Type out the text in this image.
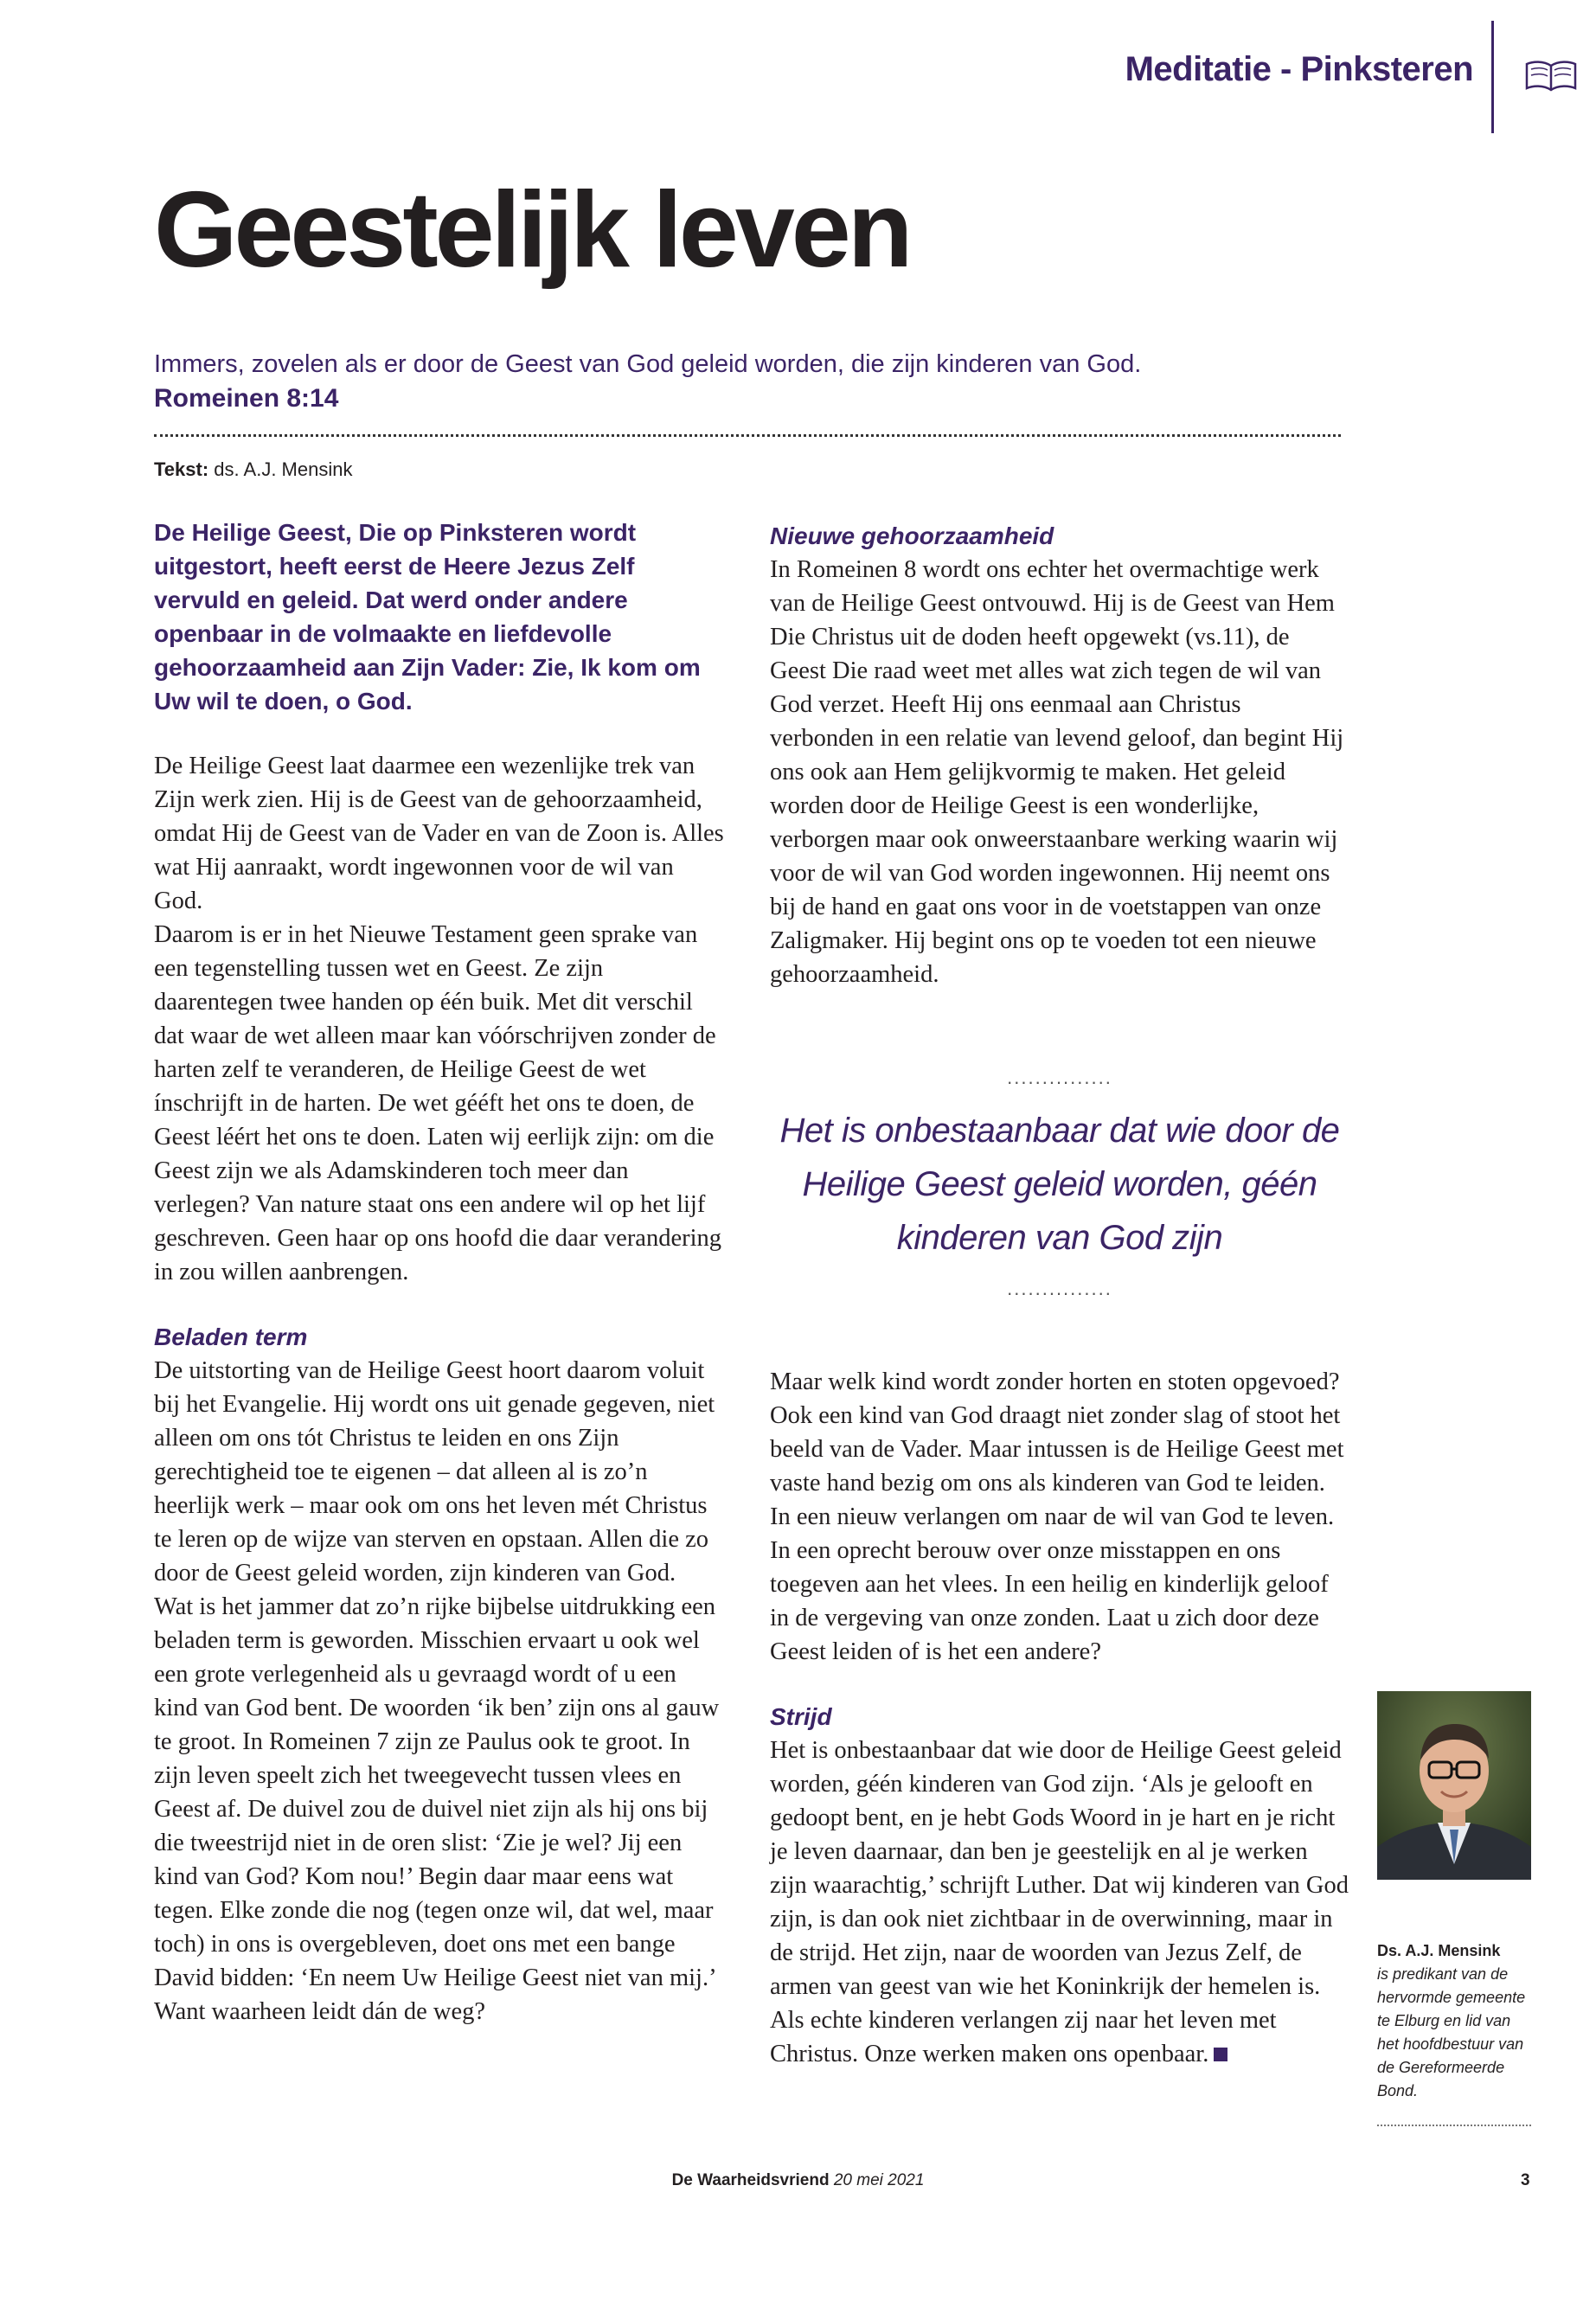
Meditatie - Pinksteren
Geestelijk leven
Immers, zovelen als er door de Geest van God geleid worden, die zijn kinderen van God.
Romeinen 8:14
Tekst: ds. A.J. Mensink

De Heilige Geest, Die op Pinksteren wordt uitgestort, heeft eerst de Heere Jezus Zelf vervuld en geleid. Dat werd onder andere openbaar in de volmaakte en liefdevolle gehoorzaamheid aan Zijn Vader: Zie, Ik kom om Uw wil te doen, o God.

De Heilige Geest laat daarmee een wezenlijke trek van Zijn werk zien. Hij is de Geest van de gehoorzaamheid, omdat Hij de Geest van de Vader en van de Zoon is. Alles wat Hij aanraakt, wordt ingewonnen voor de wil van God.

Daarom is er in het Nieuwe Testament geen sprake van een tegenstelling tussen wet en Geest. Ze zijn daarentegen twee handen op één buik. Met dit verschil dat waar de wet alleen maar kan vóórschrijven zonder de harten zelf te veranderen, de Heilige Geest de wet ínschrijft in de harten. De wet gééft het ons te doen, de Geest léért het ons te doen. Laten wij eerlijk zijn: om die Geest zijn we als Adamskinderen toch meer dan verlegen? Van nature staat ons een andere wil op het lijf geschreven. Geen haar op ons hoofd die daar verandering in zou willen aanbrengen.

Beladen term

De uitstorting van de Heilige Geest hoort daarom voluit bij het Evangelie. Hij wordt ons uit genade gegeven, niet alleen om ons tót Christus te leiden en ons Zijn gerechtigheid toe te eigenen – dat alleen al is zo’n heerlijk werk – maar ook om ons het leven mét Christus te leren op de wijze van sterven en opstaan. Allen die zo door de Geest geleid worden, zijn kinderen van God.

Wat is het jammer dat zo’n rijke bijbelse uitdrukking een beladen term is geworden. Misschien ervaart u ook wel een grote verlegenheid als u gevraagd wordt of u een kind van God bent. De woorden ‘ik ben’ zijn ons al gauw te groot. In Romeinen 7 zijn ze Paulus ook te groot. In zijn leven speelt zich het tweegevecht tussen vlees en Geest af. De duivel zou de duivel niet zijn als hij ons bij die tweestrijd niet in de oren slist: ‘Zie je wel? Jij een kind van God? Kom nou!’ Begin daar maar eens wat tegen. Elke zonde die nog (tegen onze wil, dat wel, maar toch) in ons is overgebleven, doet ons met een bange David bidden: ‘En neem Uw Heilige Geest niet van mij.’ Want waarheen leidt dán de weg?

Nieuwe gehoorzaamheid

In Romeinen 8 wordt ons echter het overmachtige werk van de Heilige Geest ontvouwd. Hij is de Geest van Hem Die Christus uit de doden heeft opgewekt (vs.11), de Geest Die raad weet met alles wat zich tegen de wil van God verzet. Heeft Hij ons eenmaal aan Christus verbonden in een relatie van levend geloof, dan begint Hij ons ook aan Hem gelijkvormig te maken. Het geleid worden door de Heilige Geest is een wonderlijke, verborgen maar ook onweerstaanbare werking waarin wij voor de wil van God worden ingewonnen. Hij neemt ons bij de hand en gaat ons voor in de voetstappen van onze Zaligmaker. Hij begint ons op te voeden tot een nieuwe gehoorzaamheid.

...............
Het is onbestaanbaar dat wie door de Heilige Geest geleid worden, géén kinderen van God zijn
...............

Maar welk kind wordt zonder horten en stoten opgevoed? Ook een kind van God draagt niet zonder slag of stoot het beeld van de Vader. Maar intussen is de Heilige Geest met vaste hand bezig om ons als kinderen van God te leiden. In een nieuw verlangen om naar de wil van God te leven. In een oprecht berouw over onze misstappen en ons toegeven aan het vlees. In een heilig en kinderlijk geloof in de vergeving van onze zonden. Laat u zich door deze Geest leiden of is het een andere?

Strijd

Het is onbestaanbaar dat wie door de Heilige Geest geleid worden, géén kinderen van God zijn. ‘Als je gelooft en gedoopt bent, en je hebt Gods Woord in je hart en je richt je leven daarnaar, dan ben je geestelijk en al je werken zijn waarachtig,’ schrijft Luther. Dat wij kinderen van God zijn, is dan ook niet zichtbaar in de overwinning, maar in de strijd. Het zijn, naar de woorden van Jezus Zelf, de armen van geest van wie het Koninkrijk der hemelen is. Als echte kinderen verlangen zij naar het leven met Christus. Onze werken maken ons openbaar.

Ds. A.J. Mensink
is predikant van de hervormde gemeente te Elburg en lid van het hoofdbestuur van de Gereformeerde Bond.
De Waarheidsvriend 20 mei 2021	3
